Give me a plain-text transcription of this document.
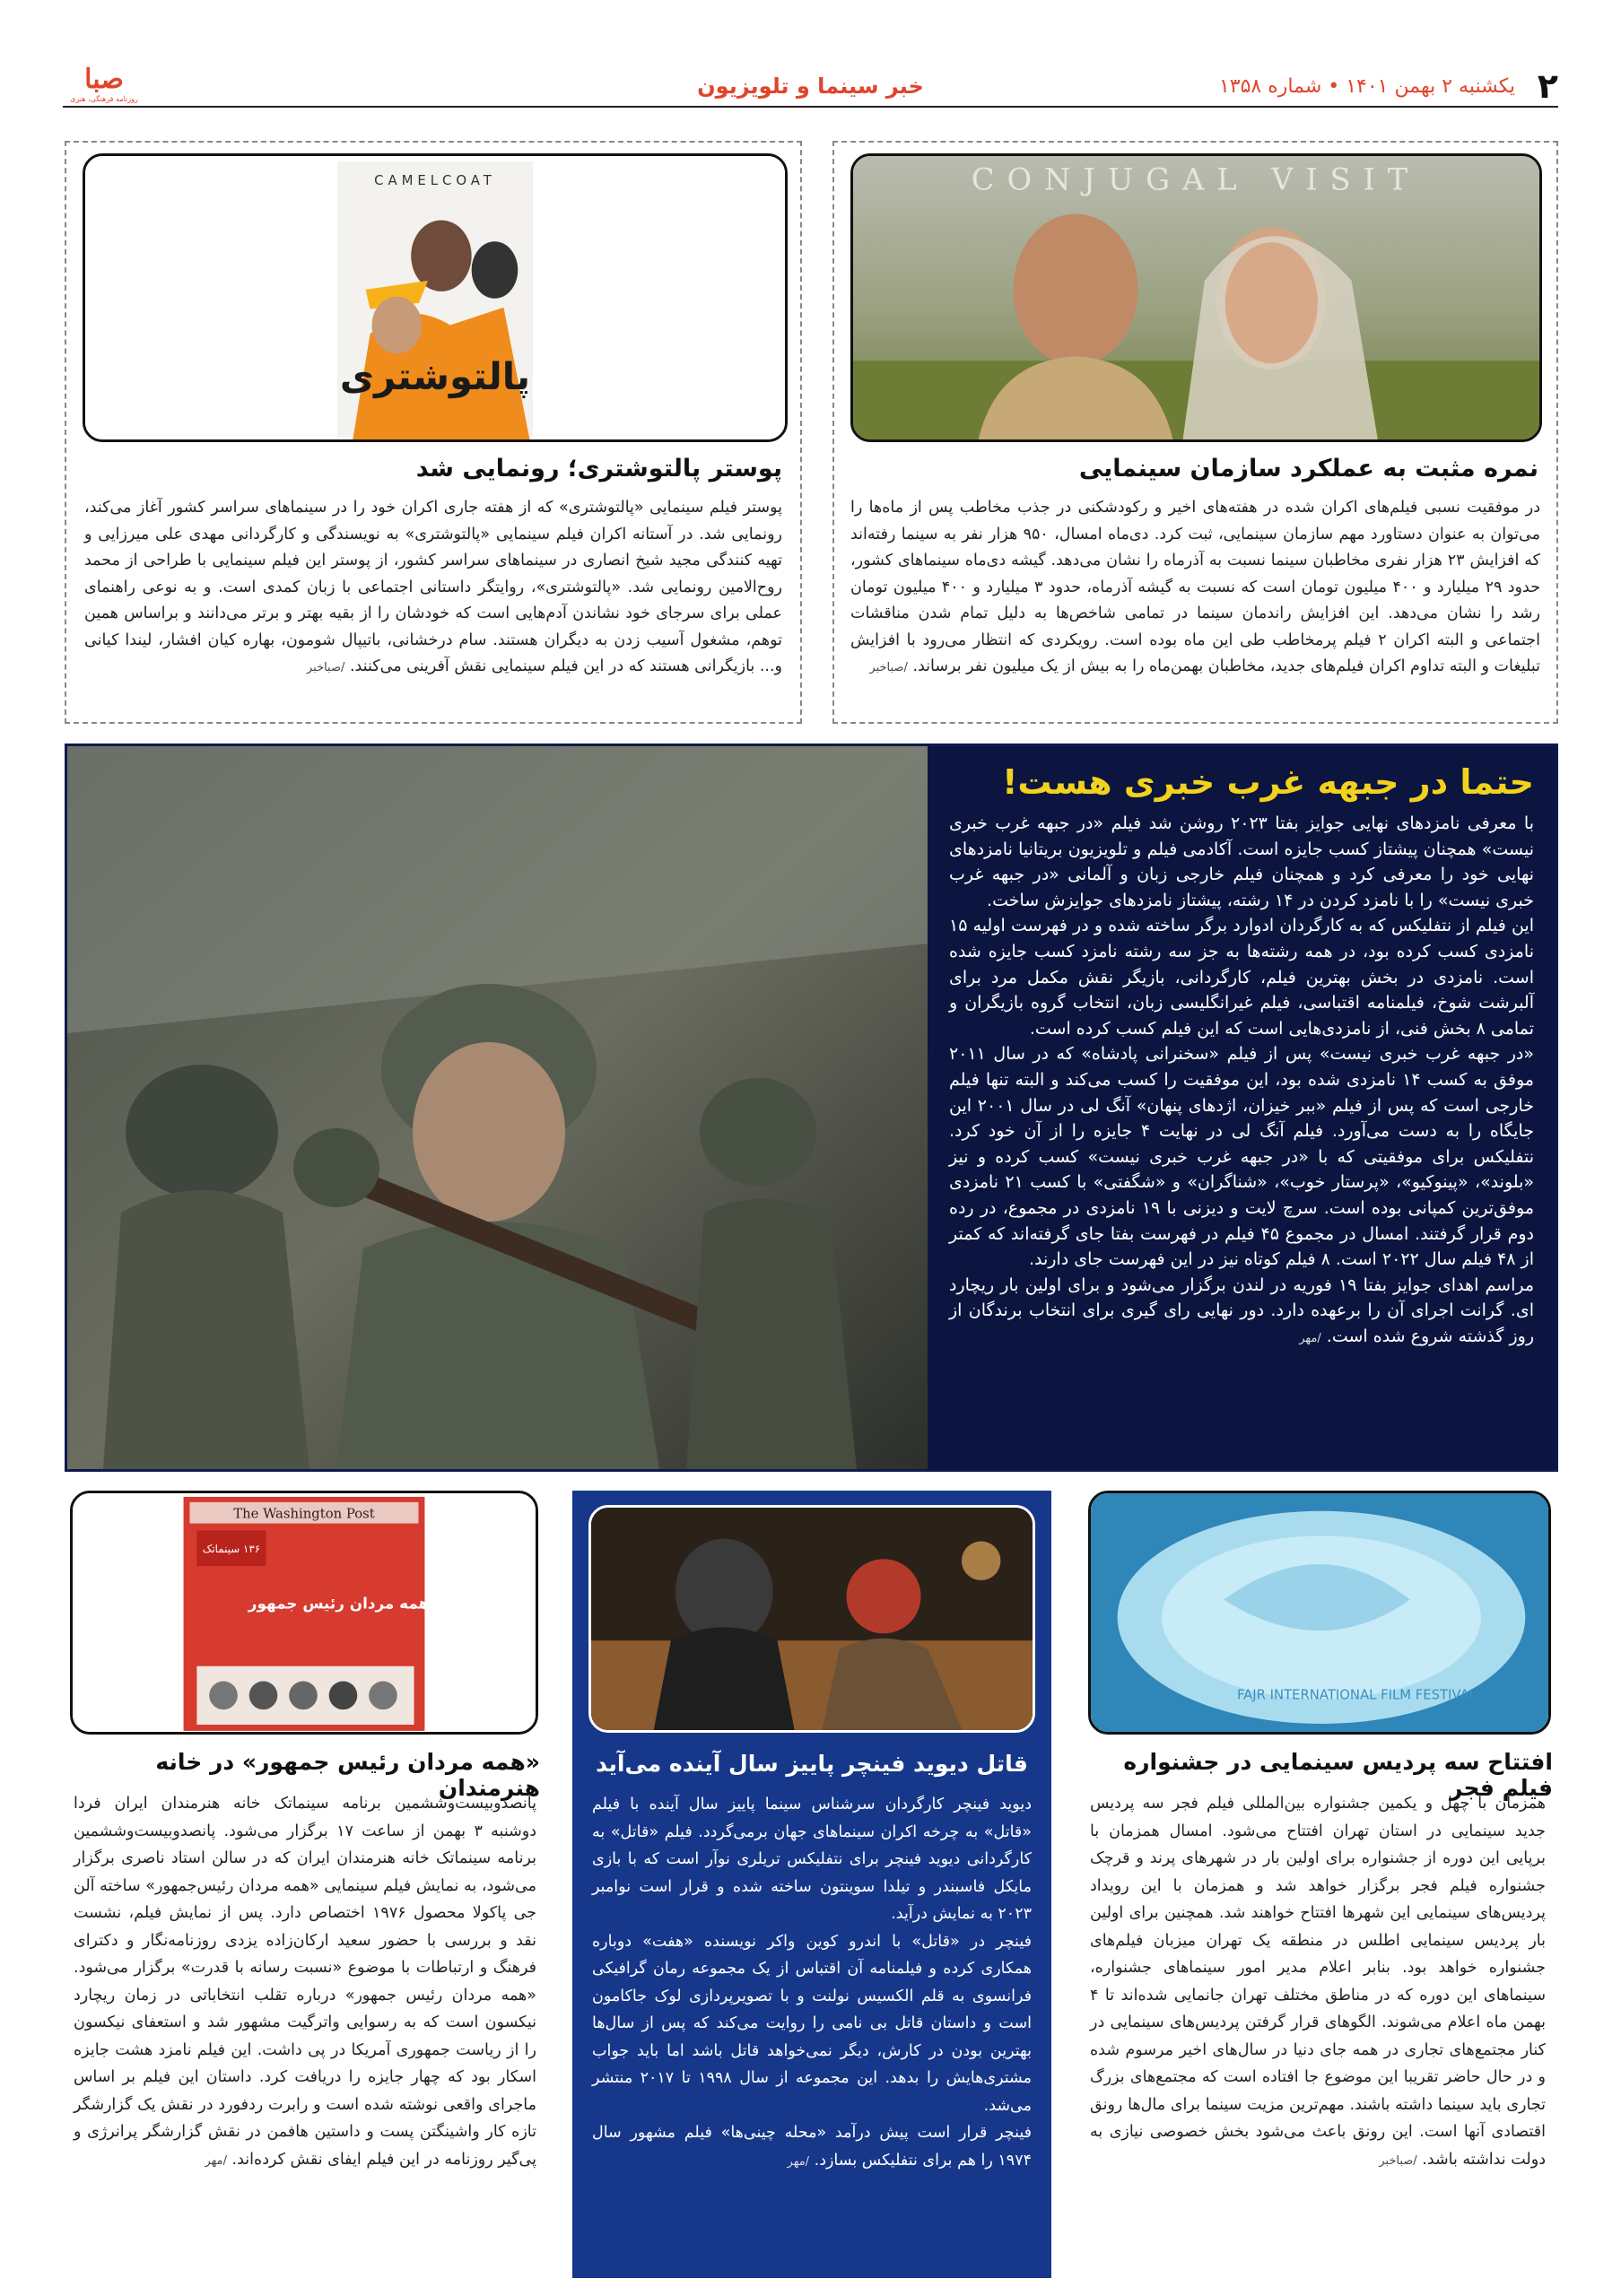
۲
یکشنبه ۲ بهمن ۱۴۰۱ • شماره ۱۳۵۸
خبر سینما و تلویزیون
صبا
روزنامه فرهنگی، هنری
CONJUGAL VISIT
نمره مثبت به عملکرد سازمان سینمایی
در موفقیت نسبی فیلم‌های اکران شده در هفته‌های اخیر و رکودشکنی در جذب مخاطب پس از ماه‌ها را می‌توان به عنوان دستاورد مهم سازمان سینمایی، ثبت کرد. دی‌ماه امسال، ۹۵۰ هزار نفر به سینما رفته‌اند که افزایش ۲۳ هزار نفری مخاطبان سینما نسبت به آذرماه را نشان می‌دهد. گیشه دی‌ماه سینماهای کشور، حدود ۲۹ میلیارد و ۴۰۰ میلیون تومان است که نسبت به گیشه آذرماه، حدود ۳ میلیارد و ۴۰۰ میلیون تومان رشد را نشان می‌دهد. این افزایش راندمان سینما در تمامی شاخص‌ها به دلیل تمام شدن مناقشات اجتماعی و البته اکران ۲ فیلم پرمخاطب طی این ماه بوده است. رویکردی که انتظار می‌رود با افزایش تبلیغات و البته تداوم اکران فیلم‌های جدید، مخاطبان بهمن‌ماه را به بیش از یک میلیون نفر برساند. /صباخبر
CAMELCOAT
پالتوشتری
پوستر پالتوشتری؛ رونمایی شد
پوستر فیلم سینمایی «پالتوشتری» که از هفته جاری اکران خود را در سینماهای سراسر کشور آغاز می‌کند، رونمایی شد. در آستانه اکران فیلم سینمایی «پالتوشتری» به نویسندگی و کارگردانی مهدی علی میرزایی و تهیه کنندگی مجید شیخ انصاری در سینماهای سراسر کشور، از پوستر این فیلم سینمایی با طراحی از محمد روح‌الامین رونمایی شد. «پالتوشتری»، روایتگر داستانی اجتماعی با زبان کمدی است. و به نوعی راهنمای عملی برای سرجای خود نشاندن آدم‌هایی است که خودشان را از بقیه بهتر و برتر می‌دانند و براساس همین توهم، مشغول آسیب زدن به دیگران هستند. سام درخشانی، باتیپال شومون، بهاره کیان افشار، لیندا کیانی و... بازیگرانی هستند که در این فیلم سینمایی نقش آفرینی می‌کنند. /صباخبر
حتما در جبهه غرب خبری هست!

با معرفی نامزدهای نهایی جوایز بفتا ۲۰۲۳ روشن شد فیلم «در جبهه غرب خبری نیست» همچنان پیشتاز کسب جایزه است. آکادمی فیلم و تلویزیون بریتانیا نامزدهای نهایی خود را معرفی کرد و همچنان فیلم خارجی زبان و آلمانی «در جبهه غرب خبری نیست» را با نامزد کردن در ۱۴ رشته، پیشتاز نامزدهای جوایزش ساخت.

این فیلم از نتفلیکس که به کارگردان ادوارد برگر ساخته شده و در فهرست اولیه ۱۵ نامزدی کسب کرده بود، در همه رشته‌ها به جز سه رشته نامزد کسب جایزه شده است. نامزدی در بخش بهترین فیلم، کارگردانی، بازیگر نقش مکمل مرد برای آلبرشت شوخ، فیلمنامه اقتباسی، فیلم غیرانگلیسی زبان، انتخاب گروه بازیگران و تمامی ۸ بخش فنی، از نامزدی‌هایی است که این فیلم کسب کرده است.

«در جبهه غرب خبری نیست» پس از فیلم «سخنرانی پادشاه» که در سال ۲۰۱۱ موفق به کسب ۱۴ نامزدی شده بود، این موفقیت را کسب می‌کند و البته تنها فیلم خارجی است که پس از فیلم «ببر خیزان، اژدهای پنهان» آنگ لی در سال ۲۰۰۱ این جایگاه را به دست می‌آورد. فیلم آنگ لی در نهایت ۴ جایزه را از آن خود کرد. نتفلیکس برای موفقیتی که با «در جبهه غرب خبری نیست» کسب کرده و نیز «بلوند»، «پینوکیو»، «پرستار خوب»، «شناگران» و «شگفتی» با کسب ۲۱ نامزدی موفق‌ترین کمپانی بوده است. سرچ لایت و دیزنی با ۱۹ نامزدی در مجموع، در رده دوم قرار گرفتند. امسال در مجموع ۴۵ فیلم در فهرست بفتا جای گرفته‌اند که کمتر از ۴۸ فیلم سال ۲۰۲۲ است. ۸ فیلم کوتاه نیز در این فهرست جای دارند.

مراسم اهدای جوایز بفتا ۱۹ فوریه در لندن برگزار می‌شود و برای اولین بار ریچارد ای. گرانت اجرای آن را برعهده دارد. دور نهایی رای گیری برای انتخاب برندگان از روز گذشته شروع شده است. /مهر

FAJR INTERNATIONAL FILM FESTIVAL
افتتاح سه پردیس سینمایی در جشنواره فیلم فجر
همزمان با چهل و یکمین جشنواره بین‌المللی فیلم فجر سه پردیس جدید سینمایی در استان تهران افتتاح می‌شود. امسال همزمان با برپایی این دوره از جشنواره برای اولین بار در شهرهای پرند و قرچک جشنواره فیلم فجر برگزار خواهد شد و همزمان با این رویداد پردیس‌های سینمایی این شهرها افتتاح خواهند شد. همچنین برای اولین بار پردیس سینمایی اطلس در منطقه یک تهران میزبان فیلم‌های جشنواره خواهد بود. بنابر اعلام مدیر امور سینماهای جشنواره، سینماهای این دوره که در مناطق مختلف تهران جانمایی شده‌اند تا ۴ بهمن ماه اعلام می‌شوند. الگوهای قرار گرفتن پردیس‌های سینمایی در کنار مجتمع‌های تجاری در همه جای دنیا در سال‌های اخیر مرسوم شده و در حال حاضر تقریبا این موضوع جا افتاده است که مجتمع‌های بزرگ تجاری باید سینما داشته باشند. مهم‌ترین مزیت سینما برای مال‌ها رونق اقتصادی آنها است. این رونق باعث می‌شود بخش خصوصی نیازی به دولت نداشته باشد. /صباخبر
قاتل دیوید فینچر پاییز سال آینده می‌آید

دیوید فینچر کارگردان سرشناس سینما پاییز سال آینده با فیلم «قاتل» به چرخه اکران سینماهای جهان برمی‌گردد. فیلم «قاتل» به کارگردانی دیوید فینچر برای نتفلیکس تریلری نوآر است که با بازی مایکل فاسبندر و تیلدا سوینتون ساخته شده و قرار است نوامبر ۲۰۲۳ به نمایش درآید.

فینچر در «قاتل» با اندرو کوین واکر نویسنده «هفت» دوباره همکاری کرده و فیلمنامه آن اقتباس از یک مجموعه رمان گرافیکی فرانسوی به قلم الکسیس نولنت و با تصویرپردازی لوک جاکامون است و داستان قاتل بی نامی را روایت می‌کند که پس از سال‌ها بهترین بودن در کارش، دیگر نمی‌خواهد قاتل باشد اما باید جواب مشتری‌هایش را بدهد. این مجموعه از سال ۱۹۹۸ تا ۲۰۱۷ منتشر می‌شد.

فینچر قرار است پیش درآمد «محله چینی‌ها» فیلم مشهور سال ۱۹۷۴ را هم برای نتفلیکس بسازد. /مهر

The Washington Post
۱۳۶ سینماتک
همه مردان رئیس جمهور
«همه مردان رئیس جمهور» در خانه هنرمندان
پانصدوبیست‌وششمین برنامه سینماتک خانه هنرمندان ایران فردا دوشنبه ۳ بهمن از ساعت ۱۷ برگزار می‌شود. پانصدوبیست‌وششمین برنامه سینماتک خانه هنرمندان ایران که در سالن استاد ناصری برگزار می‌شود، به نمایش فیلم سینمایی «همه مردان رئیس‌جمهور» ساخته آلن جی پاکولا محصول ۱۹۷۶ اختصاص دارد. پس از نمایش فیلم، نشست نقد و بررسی با حضور سعید ارکان‌زاده یزدی روزنامه‌نگار و دکترای فرهنگ و ارتباطات با موضوع «نسبت رسانه با قدرت» برگزار می‌شود. «همه مردان رئیس جمهور» درباره تقلب انتخاباتی در زمان ریچارد نیکسون است که به رسوایی واترگیت مشهور شد و استعفای نیکسون را از ریاست جمهوری آمریکا در پی داشت. این فیلم نامزد هشت جایزه اسکار بود که چهار جایزه را دریافت کرد. داستان این فیلم بر اساس ماجرای واقعی نوشته شده است و رابرت ردفورد در نقش یک گزارشگر تازه کار واشینگتن پست و داستین هافمن در نقش گزارشگر پرانرژی و پی‌گیر روزنامه در این فیلم ایفای نقش کرده‌اند. /مهر
